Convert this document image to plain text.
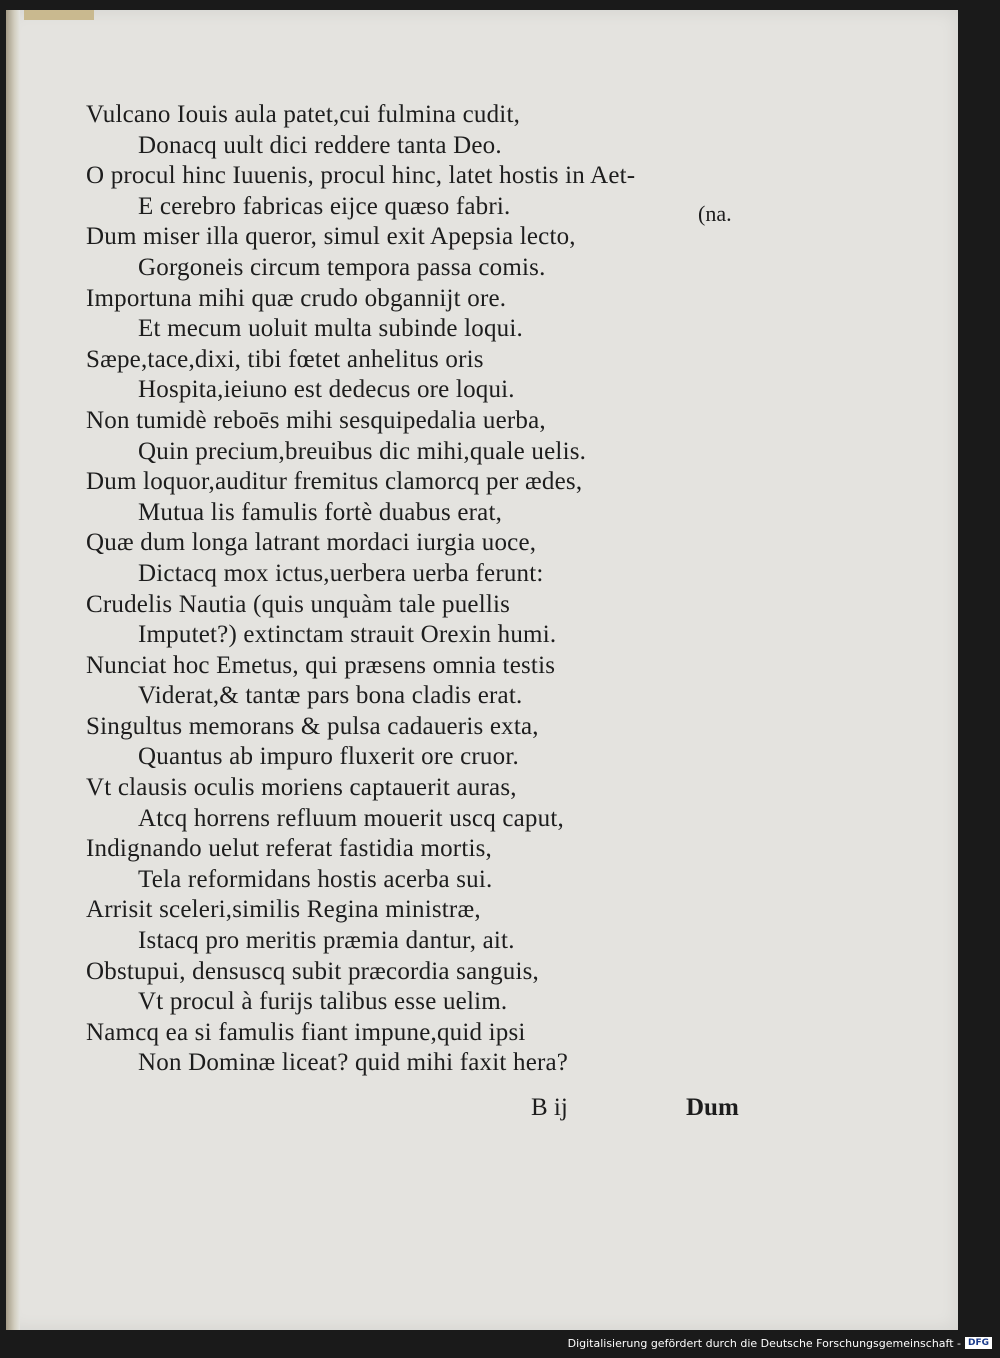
Vulcano Iouis aula patet,cui fulmina cudit,
Donacq uult dici reddere tanta Deo.
O procul hinc Iuuenis, procul hinc, latet hostis in Aet-
E cerebro fabricas eijce quæso fabri.
Dum miser illa queror, simul exit Apepsia lecto,
Gorgoneis circum tempora passa comis.
Importuna mihi quæ crudo obgannijt ore.
Et mecum uoluit multa subinde loqui.
Sæpe,tace,dixi, tibi fœtet anhelitus oris
Hospita,ieiuno est dedecus ore loqui.
Non tumidè reboēs mihi sesquipedalia uerba,
Quin precium,breuibus dic mihi,quale uelis.
Dum loquor,auditur fremitus clamorcq per ædes,
Mutua lis famulis fortè duabus erat,
Quæ dum longa latrant mordaci iurgia uoce,
Dictacq mox ictus,uerbera uerba ferunt:
Crudelis Nautia (quis unquàm tale puellis
Imputet?) extinctam strauit Orexin humi.
Nunciat hoc Emetus, qui præsens omnia testis
Viderat,& tantæ pars bona cladis erat.
Singultus memorans & pulsa cadaueris exta,
Quantus ab impuro fluxerit ore cruor.
Vt clausis oculis moriens captauerit auras,
Atcq horrens refluum mouerit uscq caput,
Indignando uelut referat fastidia mortis,
Tela reformidans hostis acerba sui.
Arrisit sceleri,similis Regina ministræ,
Istacq pro meritis præmia dantur, ait.
Obstupui, densuscq subit præcordia sanguis,
Vt procul à furijs talibus esse uelim.
Namcq ea si famulis fiant impune,quid ipsi
Non Dominæ liceat? quid mihi faxit hera?
(na.
B ij	Dum
Digitalisierung gefördert durch die Deutsche Forschungsgemeinschaft - DFG
